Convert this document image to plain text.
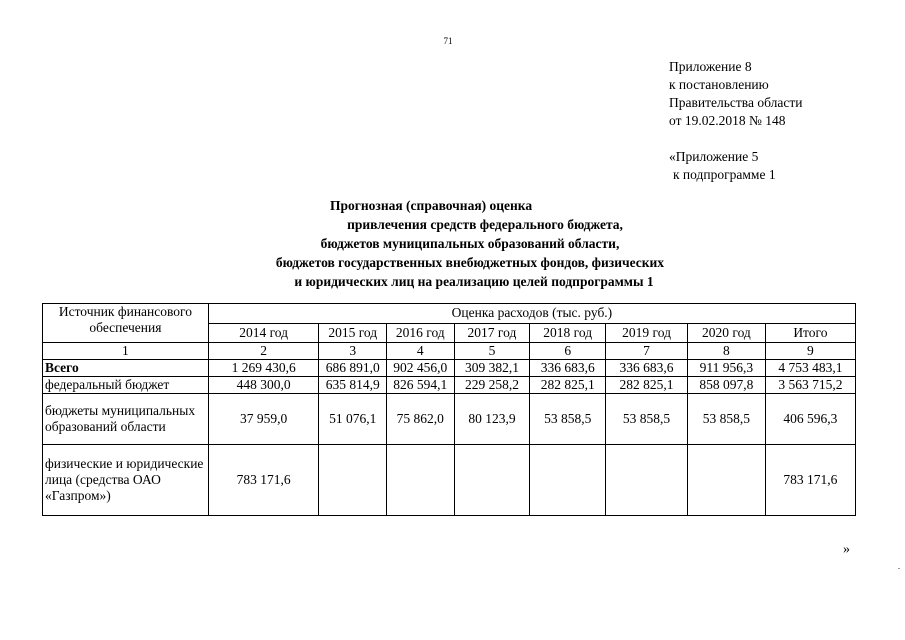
71
Приложение 8
к постановлению
Правительства области
от 19.02.2018 № 148
«Приложение 5
к подпрограмме 1
Прогнозная (справочная) оценка
привлечения средств федерального бюджета,
бюджетов муниципальных образований области,
бюджетов государственных внебюджетных фондов, физических
и юридических лиц на реализацию целей подпрограммы 1
Источник финансового обеспечения	Оценка расходов (тыс. руб.)							
	2014 год	2015 год	2016 год	2017 год	2018 год	2019 год	2020 год	Итого
1	2	3	4	5	6	7	8	9
Всего	1 269 430,6	686 891,0	902 456,0	309 382,1	336 683,6	336 683,6	911 956,3	4 753 483,1
федеральный бюджет	448 300,0	635 814,9	826 594,1	229 258,2	282 825,1	282 825,1	858 097,8	3 563 715,2
бюджеты муниципальных образований области	37 959,0	51 076,1	75 862,0	80 123,9	53 858,5	53 858,5	53 858,5	406 596,3
физические и юридические лица (средства ОАО «Газпром»)	783 171,6							783 171,6
»
